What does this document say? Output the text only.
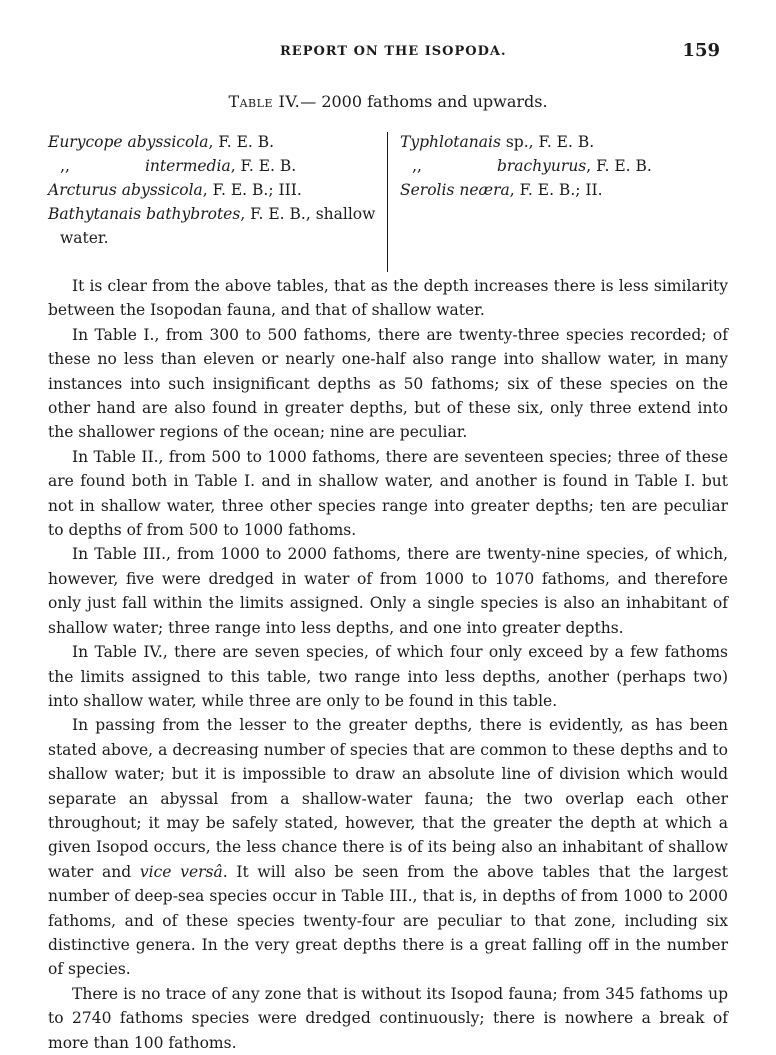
REPORT ON THE ISOPODA.	159
Table IV.— 2000 fathoms and upwards.
Eurycope abyssicola, F. E. B.
,,	intermedia, F. E. B.
Arcturus abyssicola, F. E. B.; III.
Bathytanais bathybrotes, F. E. B., shallow
water.
Typhlotanais sp., F. E. B.
,,	brachyurus, F. E. B.
Serolis neæra, F. E. B.; II.

It is clear from the above tables, that as the depth increases there is less similarity between the Isopodan fauna, and that of shallow water.

In Table I., from 300 to 500 fathoms, there are twenty-three species recorded; of these no less than eleven or nearly one-half also range into shallow water, in many instances into such insignificant depths as 50 fathoms; six of these species on the other hand are also found in greater depths, but of these six, only three extend into the shallower regions of the ocean; nine are peculiar.

In Table II., from 500 to 1000 fathoms, there are seventeen species; three of these are found both in Table I. and in shallow water, and another is found in Table I. but not in shallow water, three other species range into greater depths; ten are peculiar to depths of from 500 to 1000 fathoms.

In Table III., from 1000 to 2000 fathoms, there are twenty-nine species, of which, however, five were dredged in water of from 1000 to 1070 fathoms, and therefore only just fall within the limits assigned. Only a single species is also an inhabitant of shallow water; three range into less depths, and one into greater depths.

In Table IV., there are seven species, of which four only exceed by a few fathoms the limits assigned to this table, two range into less depths, another (perhaps two) into shallow water, while three are only to be found in this table.

In passing from the lesser to the greater depths, there is evidently, as has been stated above, a decreasing number of species that are common to these depths and to shallow water; but it is impossible to draw an absolute line of division which would separate an abyssal from a shallow-water fauna; the two overlap each other throughout; it may be safely stated, however, that the greater the depth at which a given Isopod occurs, the less chance there is of its being also an inhabitant of shallow water and vice versâ. It will also be seen from the above tables that the largest number of deep-sea species occur in Table III., that is, in depths of from 1000 to 2000 fathoms, and of these species twenty-four are peculiar to that zone, including six distinctive genera. In the very great depths there is a great falling off in the number of species.

There is no trace of any zone that is without its Isopod fauna; from 345 fathoms up to 2740 fathoms species were dredged continuously; there is nowhere a break of more than 100 fathoms.
